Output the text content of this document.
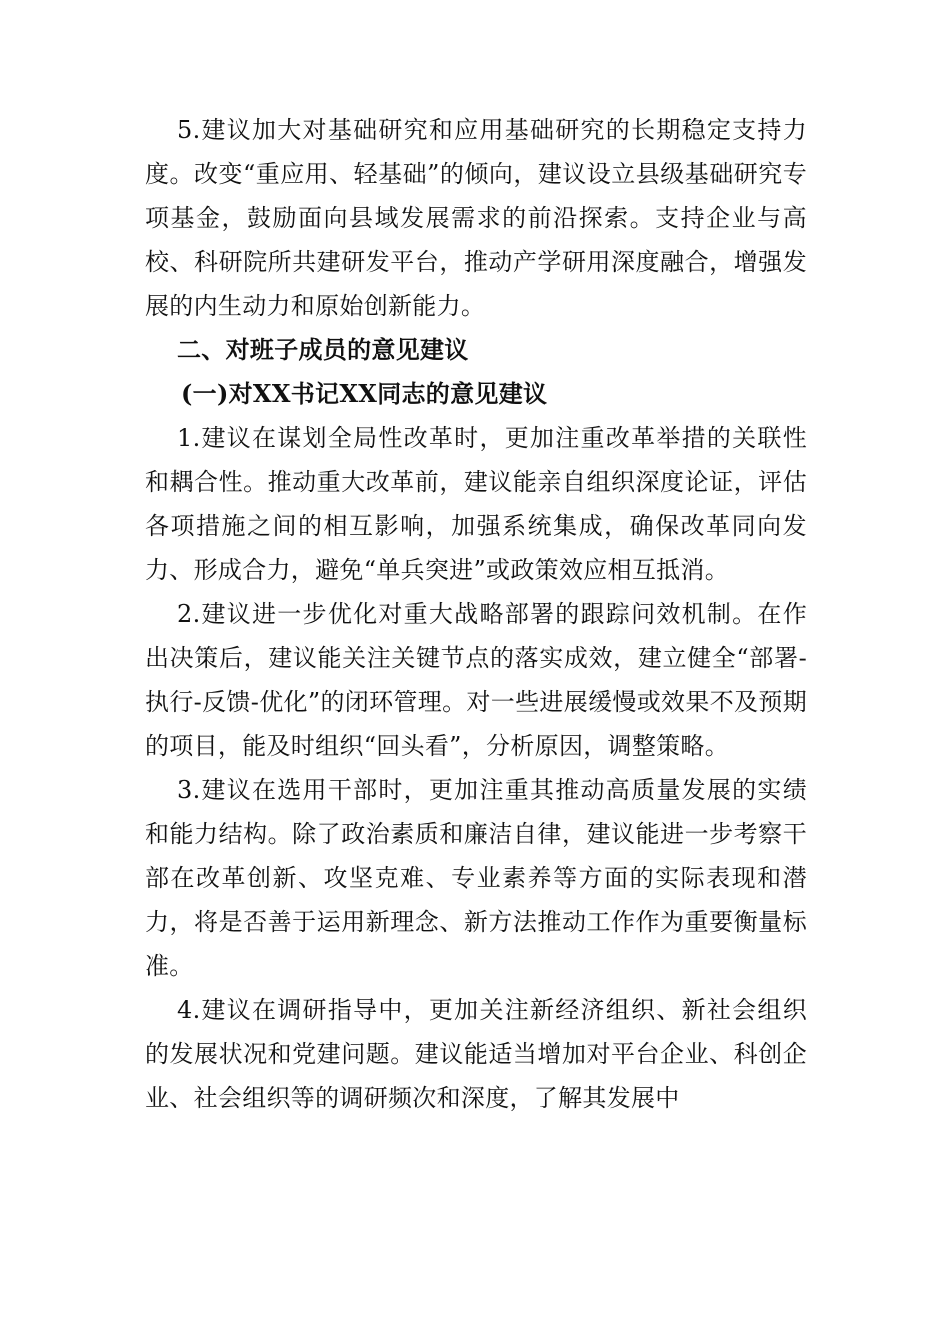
5.建议加大对基础研究和应用基础研究的长期稳定支持力度。改变“重应用、轻基础”的倾向，建议设立县级基础研究专项基金，鼓励面向县域发展需求的前沿探索。支持企业与高校、科研院所共建研发平台，推动产学研用深度融合，增强发展的内生动力和原始创新能力。

二、对班子成员的意见建议

(一)对XX书记XX同志的意见建议

1.建议在谋划全局性改革时，更加注重改革举措的关联性和耦合性。推动重大改革前，建议能亲自组织深度论证，评估各项措施之间的相互影响，加强系统集成，确保改革同向发力、形成合力，避免“单兵突进”或政策效应相互抵消。

2.建议进一步优化对重大战略部署的跟踪问效机制。在作出决策后，建议能关注关键节点的落实成效，建立健全“部署-执行-反馈-优化”的闭环管理。对一些进展缓慢或效果不及预期的项目，能及时组织“回头看”，分析原因，调整策略。

3.建议在选用干部时，更加注重其推动高质量发展的实绩和能力结构。除了政治素质和廉洁自律，建议能进一步考察干部在改革创新、攻坚克难、专业素养等方面的实际表现和潜力，将是否善于运用新理念、新方法推动工作作为重要衡量标准。

4.建议在调研指导中，更加关注新经济组织、新社会组织的发展状况和党建问题。建议能适当增加对平台企业、科创企业、社会组织等的调研频次和深度，了解其发展中
